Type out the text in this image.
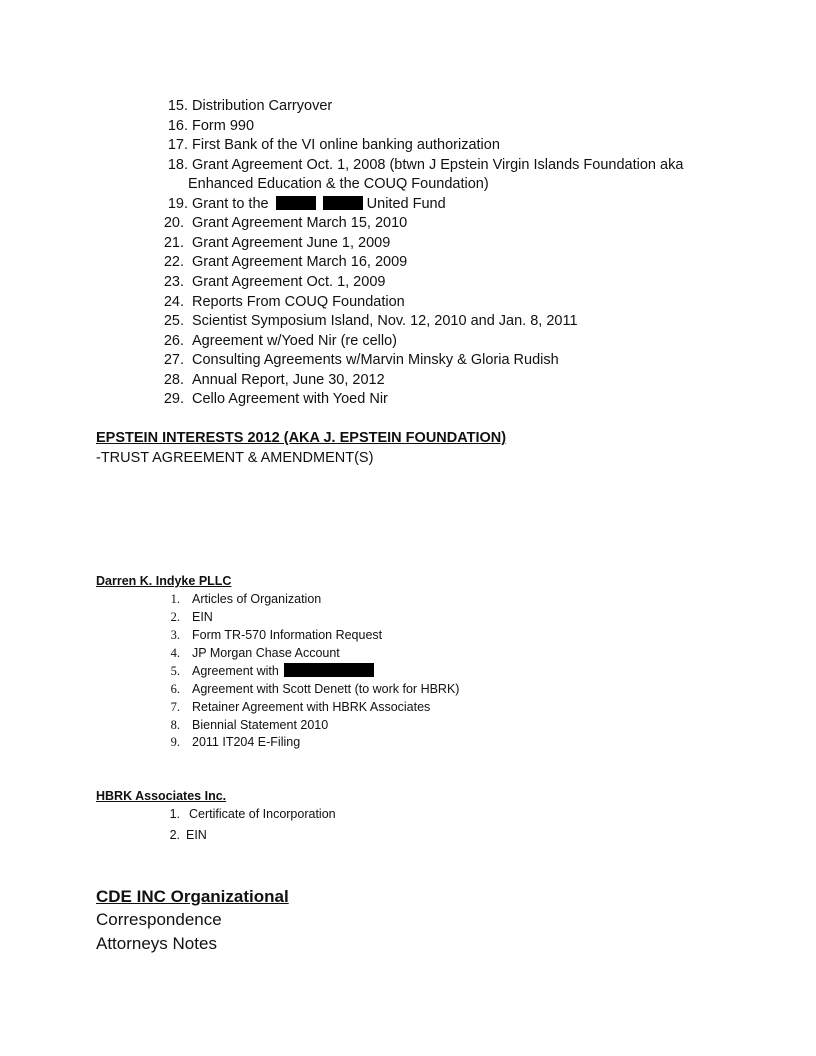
15. Distribution Carryover
16. Form 990
17. First Bank of the VI online banking authorization
18. Grant Agreement Oct. 1, 2008 (btwn J Epstein Virgin Islands Foundation aka
Enhanced Education & the COUQ Foundation)
19. Grant to the	United Fund
20. Grant Agreement March 15, 2010
21. Grant Agreement June 1, 2009
22. Grant Agreement March 16, 2009
23. Grant Agreement Oct. 1, 2009
24. Reports From COUQ Foundation
25. Scientist Symposium Island, Nov. 12, 2010 and Jan. 8, 2011
26. Agreement w/Yoed Nir (re cello)
27. Consulting Agreements w/Marvin Minsky & Gloria Rudish
28. Annual Report, June 30, 2012
29. Cello Agreement with Yoed Nir
EPSTEIN INTERESTS 2012 (AKA J. EPSTEIN FOUNDATION)
-TRUST AGREEMENT & AMENDMENT(S)
Darren K. Indyke PLLC
1. Articles of Organization
2. EIN
3. Form TR-570 Information Request
4. JP Morgan Chase Account
5. Agreement with
6. Agreement with Scott Denett (to work for HBRK)
7. Retainer Agreement with HBRK Associates
8. Biennial Statement 2010
9. 2011 IT204 E-Filing
HBRK Associates Inc.
1. Certificate of Incorporation
2. EIN
CDE INC Organizational
Correspondence
Attorneys Notes
